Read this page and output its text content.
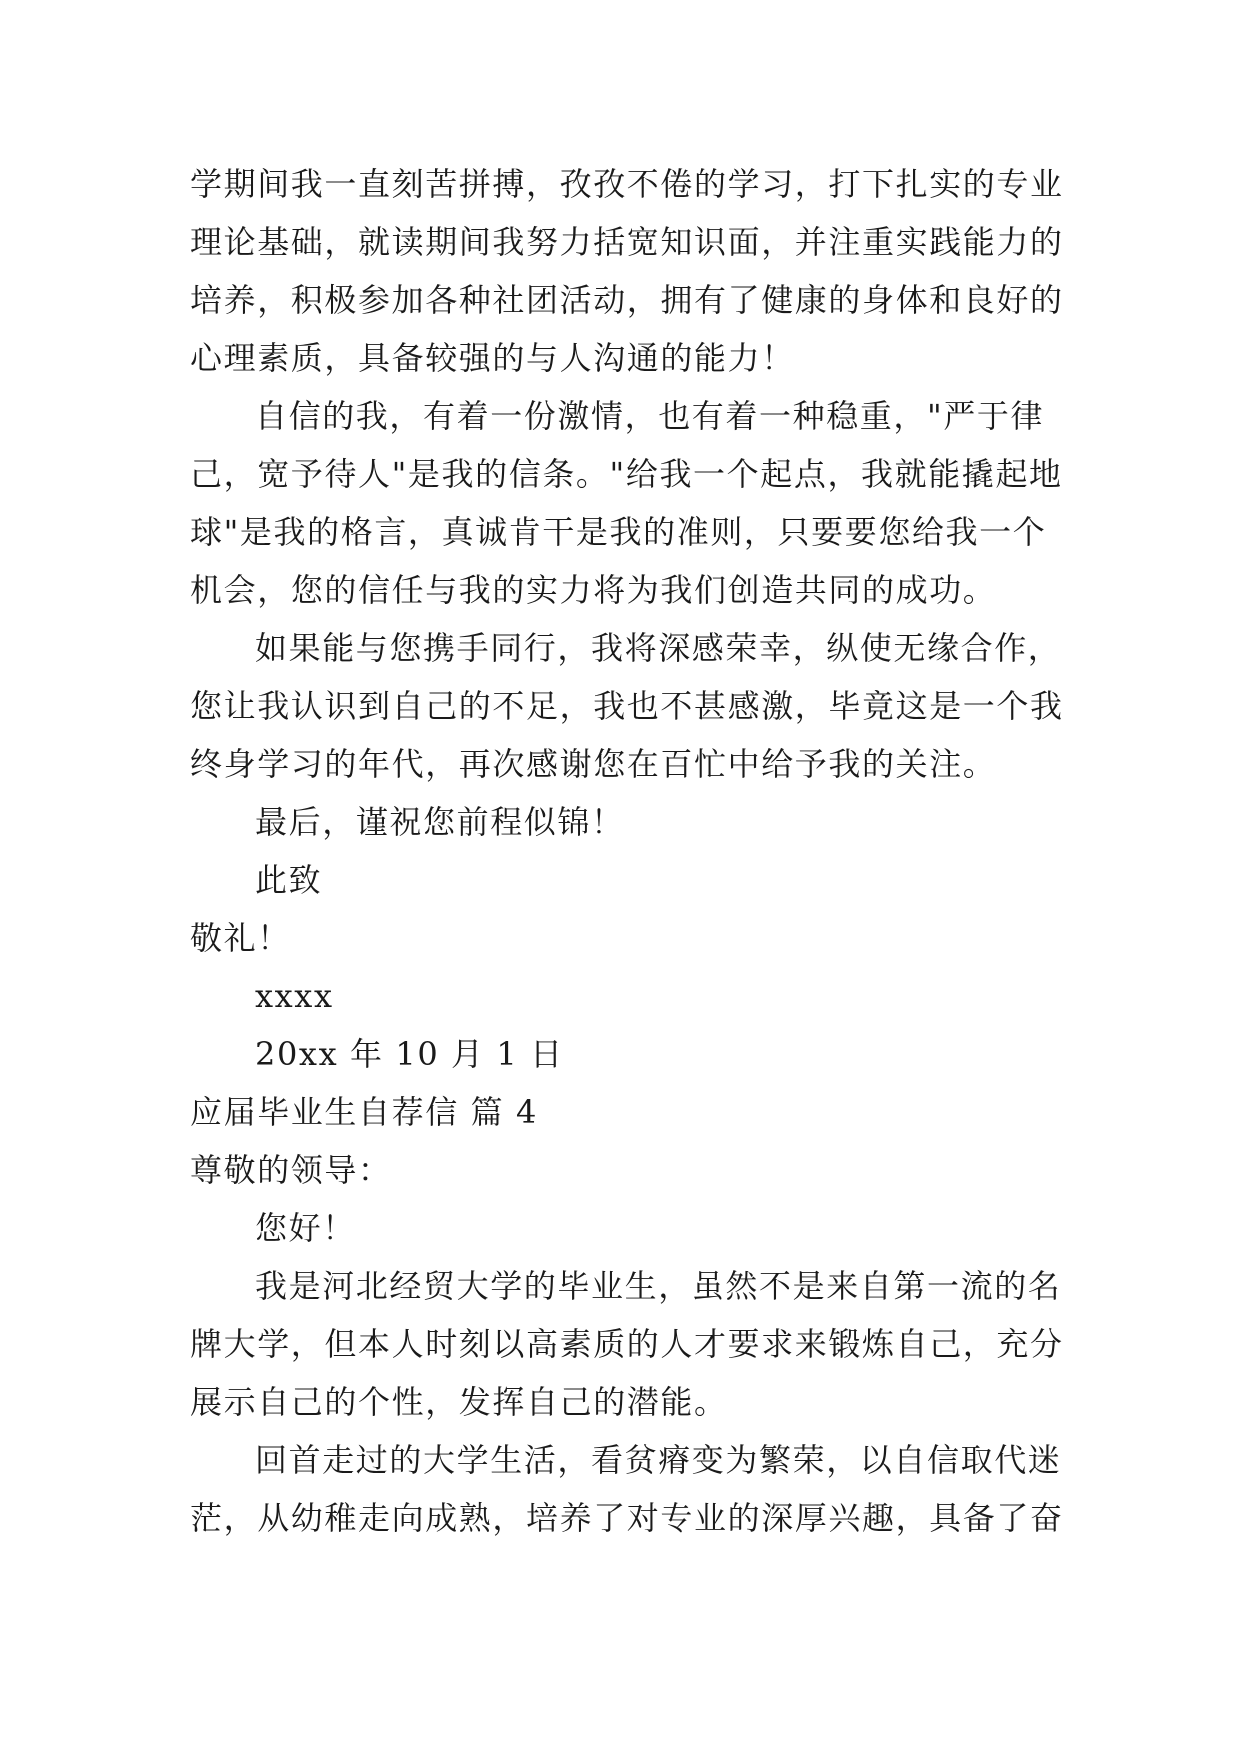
学期间我一直刻苦拼搏，孜孜不倦的学习，打下扎实的专业
理论基础，就读期间我努力括宽知识面，并注重实践能力的
培养，积极参加各种社团活动，拥有了健康的身体和良好的
心理素质，具备较强的与人沟通的能力！
自信的我，有着一份激情，也有着一种稳重，"严于律
己，宽予待人"是我的信条。"给我一个起点，我就能撬起地
球"是我的格言，真诚肯干是我的准则，只要要您给我一个
机会，您的信任与我的实力将为我们创造共同的成功。
如果能与您携手同行，我将深感荣幸，纵使无缘合作，
您让我认识到自己的不足，我也不甚感激，毕竟这是一个我
终身学习的年代，再次感谢您在百忙中给予我的关注。
最后，谨祝您前程似锦！
此致
敬礼！
xxxx
20xx 年 10 月 1 日
应届毕业生自荐信 篇 4
尊敬的领导：
您好！
我是河北经贸大学的毕业生，虽然不是来自第一流的名
牌大学，但本人时刻以高素质的人才要求来锻炼自己，充分
展示自己的个性，发挥自己的潜能。
回首走过的大学生活，看贫瘠变为繁荣，以自信取代迷
茫，从幼稚走向成熟，培养了对专业的深厚兴趣，具备了奋
